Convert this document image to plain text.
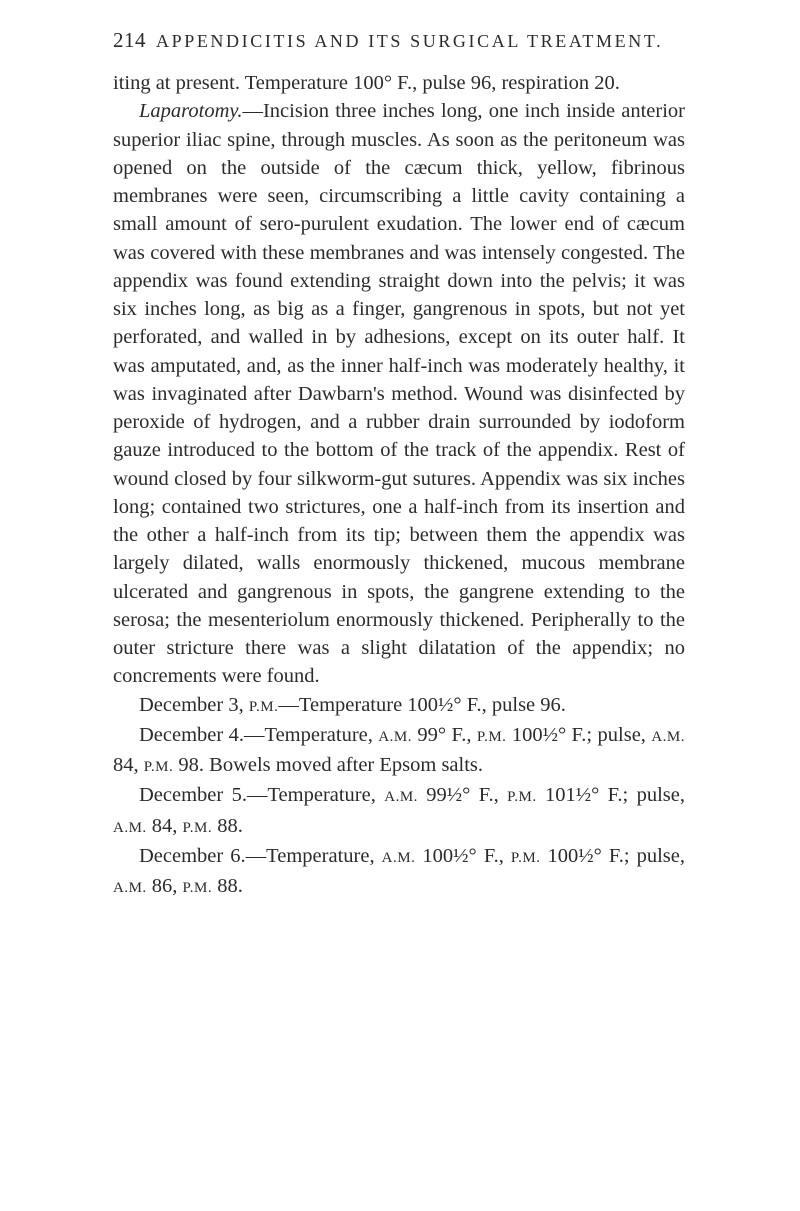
214 APPENDICITIS AND ITS SURGICAL TREATMENT.

iting at present. Temperature 100° F., pulse 96, respiration 20.

Laparotomy.—Incision three inches long, one inch inside anterior superior iliac spine, through muscles. As soon as the peritoneum was opened on the outside of the cæcum thick, yellow, fibrinous membranes were seen, circumscribing a little cavity containing a small amount of sero-purulent exudation. The lower end of cæcum was covered with these membranes and was intensely congested. The appendix was found extending straight down into the pelvis; it was six inches long, as big as a finger, gangrenous in spots, but not yet perforated, and walled in by adhesions, except on its outer half. It was amputated, and, as the inner half-inch was moderately healthy, it was invaginated after Dawbarn's method. Wound was disinfected by peroxide of hydrogen, and a rubber drain surrounded by iodoform gauze introduced to the bottom of the track of the appendix. Rest of wound closed by four silkworm-gut sutures. Appendix was six inches long; contained two strictures, one a half-inch from its insertion and the other a half-inch from its tip; between them the appendix was largely dilated, walls enormously thickened, mucous membrane ulcerated and gangrenous in spots, the gangrene extending to the serosa; the mesenteriolum enormously thickened. Peripherally to the outer stricture there was a slight dilatation of the appendix; no concrements were found.

December 3, P.M.—Temperature 100½° F., pulse 96.

December 4.—Temperature, A.M. 99° F., P.M. 100½° F.; pulse, A.M. 84, P.M. 98. Bowels moved after Epsom salts.

December 5.—Temperature, A.M. 99½° F., P.M. 101½° F.; pulse, A.M. 84, P.M. 88.

December 6.—Temperature, A.M. 100½° F., P.M. 100½° F.; pulse, A.M. 86, P.M. 88.
